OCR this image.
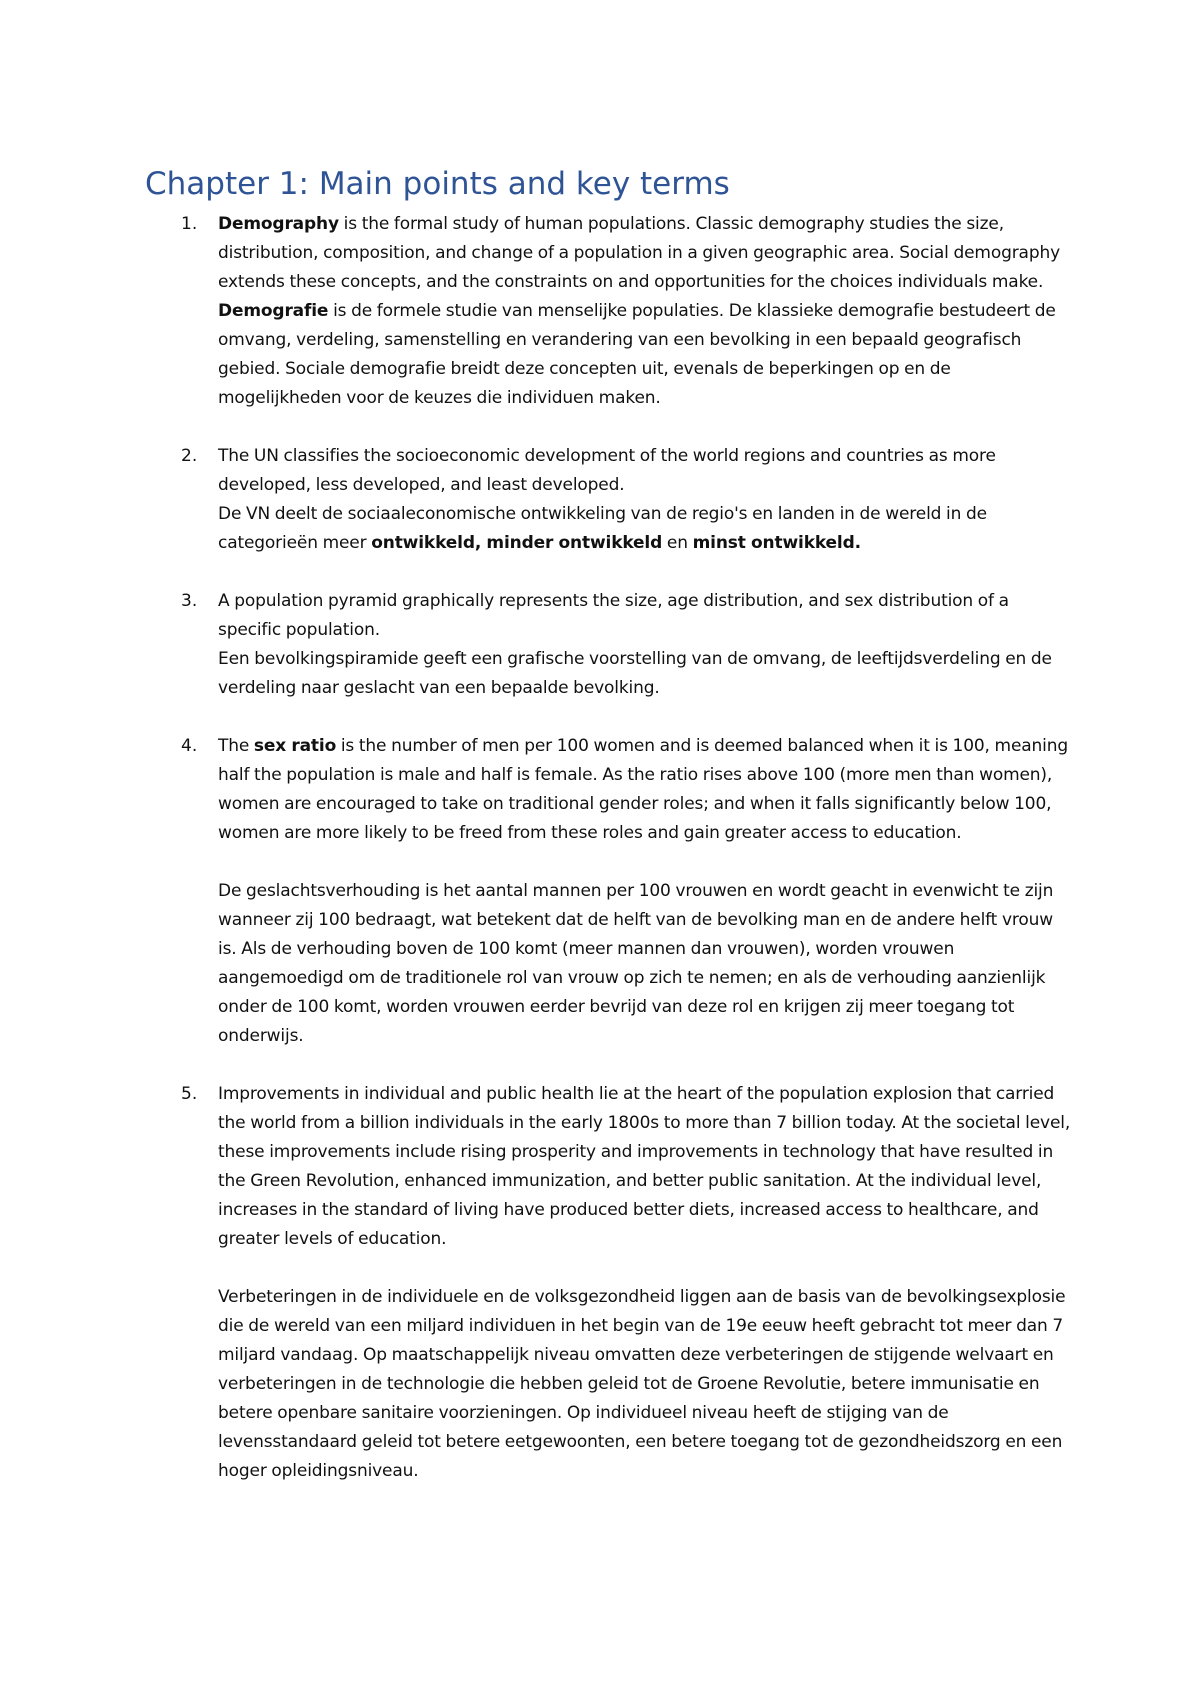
Chapter 1: Main points and key terms
1. Demography is the formal study of human populations. Classic demography studies the size, distribution, composition, and change of a population in a given geographic area. Social demography extends these concepts, and the constraints on and opportunities for the choices individuals make.

Demografie is de formele studie van menselijke populaties. De klassieke demografie bestudeert de omvang, verdeling, samenstelling en verandering van een bevolking in een bepaald geografisch gebied. Sociale demografie breidt deze concepten uit, evenals de beperkingen op en de mogelijkheden voor de keuzes die individuen maken.

2. The UN classifies the socioeconomic development of the world regions and countries as more developed, less developed, and least developed.

De VN deelt de sociaaleconomische ontwikkeling van de regio's en landen in de wereld in de categorieën meer ontwikkeld, minder ontwikkeld en minst ontwikkeld.

3. A population pyramid graphically represents the size, age distribution, and sex distribution of a specific population.

Een bevolkingspiramide geeft een grafische voorstelling van de omvang, de leeftijdsverdeling en de verdeling naar geslacht van een bepaalde bevolking.

4. The sex ratio is the number of men per 100 women and is deemed balanced when it is 100, meaning half the population is male and half is female. As the ratio rises above 100 (more men than women), women are encouraged to take on traditional gender roles; and when it falls significantly below 100, women are more likely to be freed from these roles and gain greater access to education.

De geslachtsverhouding is het aantal mannen per 100 vrouwen en wordt geacht in evenwicht te zijn wanneer zij 100 bedraagt, wat betekent dat de helft van de bevolking man en de andere helft vrouw is. Als de verhouding boven de 100 komt (meer mannen dan vrouwen), worden vrouwen aangemoedigd om de traditionele rol van vrouw op zich te nemen; en als de verhouding aanzienlijk onder de 100 komt, worden vrouwen eerder bevrijd van deze rol en krijgen zij meer toegang tot onderwijs.

5. Improvements in individual and public health lie at the heart of the population explosion that carried the world from a billion individuals in the early 1800s to more than 7 billion today. At the societal level, these improvements include rising prosperity and improvements in technology that have resulted in the Green Revolution, enhanced immunization, and better public sanitation. At the individual level, increases in the standard of living have produced better diets, increased access to healthcare, and greater levels of education.

Verbeteringen in de individuele en de volksgezondheid liggen aan de basis van de bevolkingsexplosie die de wereld van een miljard individuen in het begin van de 19e eeuw heeft gebracht tot meer dan 7 miljard vandaag. Op maatschappelijk niveau omvatten deze verbeteringen de stijgende welvaart en verbeteringen in de technologie die hebben geleid tot de Groene Revolutie, betere immunisatie en betere openbare sanitaire voorzieningen. Op individueel niveau heeft de stijging van de levensstandaard geleid tot betere eetgewoonten, een betere toegang tot de gezondheidszorg en een hoger opleidingsniveau.
